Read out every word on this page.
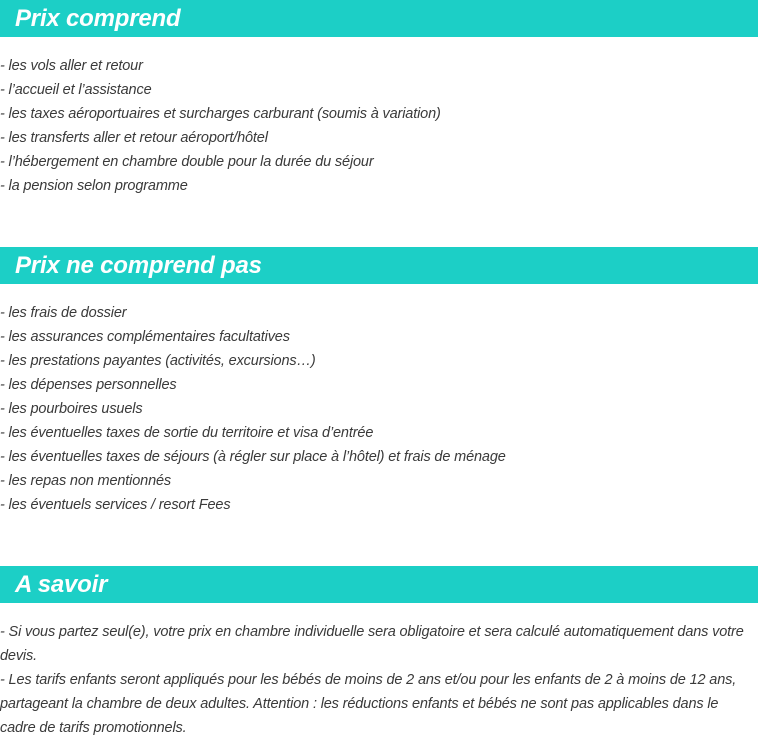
Prix comprend
- les vols aller et retour
- l’accueil et l’assistance
- les taxes aéroportuaires et surcharges carburant (soumis à variation)
- les transferts aller et retour aéroport/hôtel
- l’hébergement en chambre double pour la durée du séjour
- la pension selon programme
Prix ne comprend pas
- les frais de dossier
- les assurances complémentaires facultatives
- les prestations payantes (activités, excursions…)
- les dépenses personnelles
- les pourboires usuels
- les éventuelles taxes de sortie du territoire et visa d’entrée
- les éventuelles taxes de séjours (à régler sur place à l’hôtel) et frais de ménage
- les repas non mentionnés
- les éventuels services / resort Fees
A savoir

- Si vous partez seul(e), votre prix en chambre individuelle sera obligatoire et sera calculé automatiquement dans votre devis.

- Les tarifs enfants seront appliqués pour les bébés de moins de 2 ans et/ou pour les enfants de 2 à moins de 12 ans, partageant la chambre de deux adultes. Attention : les réductions enfants et bébés ne sont pas applicables dans le cadre de tarifs promotionnels.
